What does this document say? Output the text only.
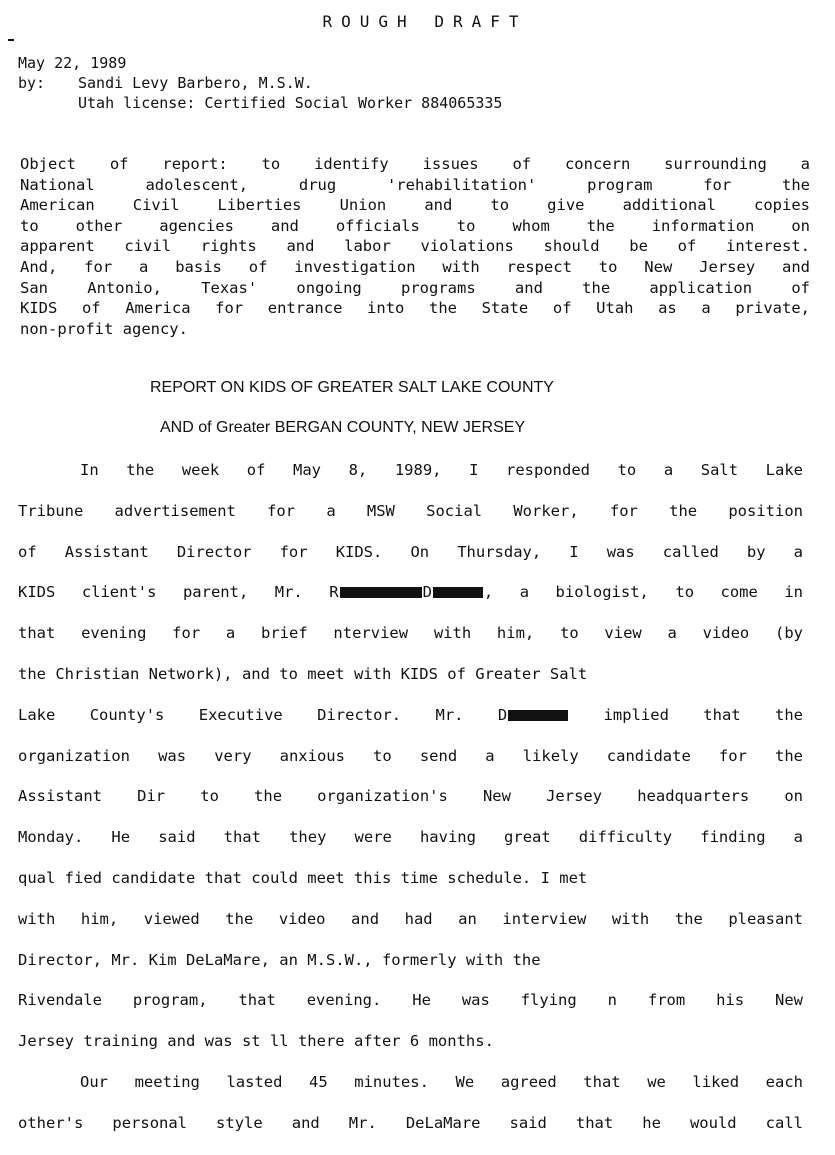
ROUGH DRAFT
May 22, 1989
by: Sandi Levy Barbero, M.S.W.
Utah license: Certified Social Worker 884065335
Object of report: to identify issues of concern surrounding a
National adolescent, drug 'rehabilitation' program for the
American Civil Liberties Union and to give additional copies
to other agencies and officials to whom the information on
apparent civil rights and labor violations should be of interest.
And, for a basis of investigation with respect to New Jersey and
San Antonio, Texas' ongoing programs and the application of
KIDS of America for entrance into the State of Utah as a private,
non-profit agency.
REPORT ON KIDS OF GREATER SALT LAKE COUNTY
AND of Greater BERGAN COUNTY, NEW JERSEY
In the week of May 8, 1989, I responded to a Salt Lake
Tribune advertisement for a MSW Social Worker, for the position
of Assistant Director for KIDS. On Thursday, I was called by a
KIDS client's parent, Mr. R	D	, a biologist, to come in
that evening for a brief nterview with him, to view a video (by
the Christian Network), and to meet with KIDS of Greater Salt
Lake County's Executive Director. Mr. D	implied that the
organization was very anxious to send a likely candidate for the
Assistant Dir to the organization's New Jersey headquarters on
Monday. He said that they were having great difficulty finding a
qual fied candidate that could meet this time schedule. I met
with him, viewed the video and had an interview with the pleasant
Director, Mr. Kim DeLaMare, an M.S.W., formerly with the
Rivendale program, that evening. He was flying n from his New
Jersey training and was st ll there after 6 months.
Our meeting lasted 45 minutes. We agreed that we liked each
other's personal style and Mr. DeLaMare said that he would call
